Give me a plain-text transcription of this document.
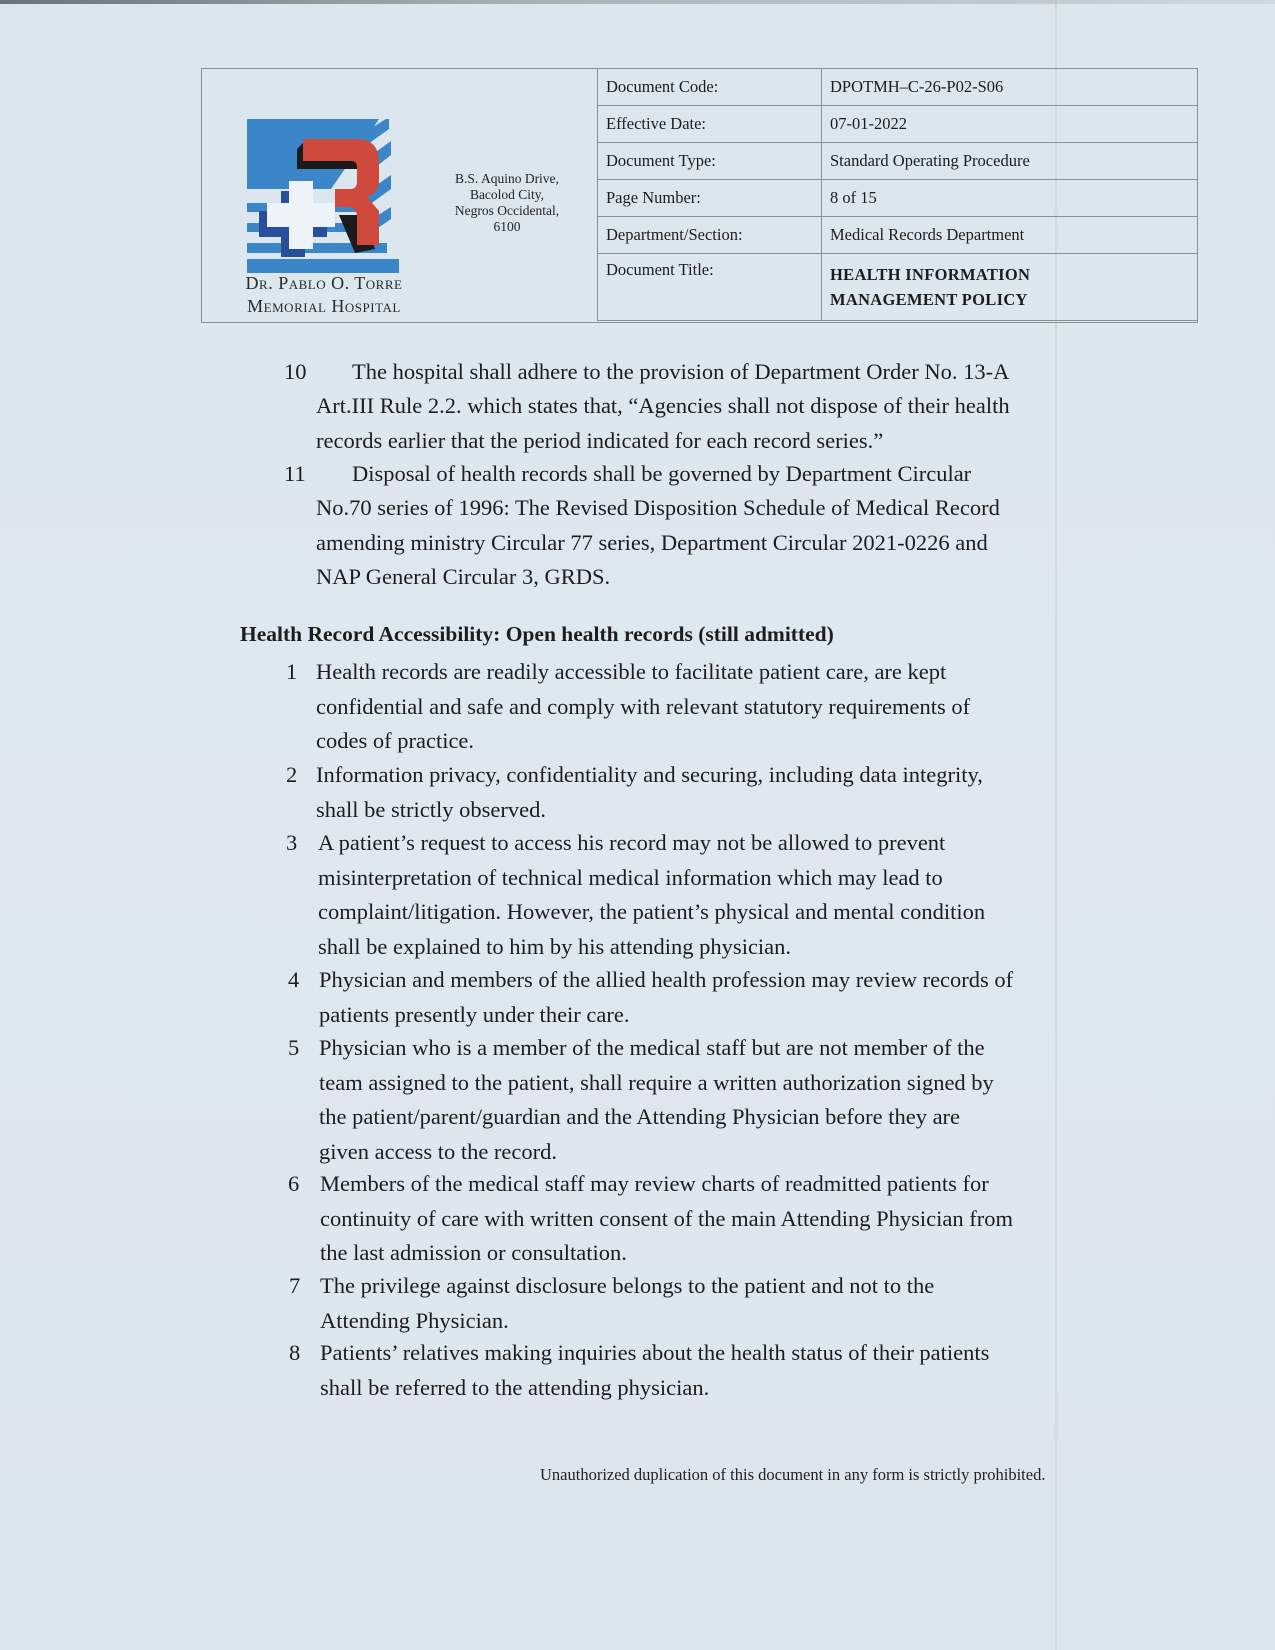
Dr. Pablo O. Torre
Memorial Hospital
B.S. Aquino Drive,
Bacolod City,
Negros Occidental,
6100
Document Code:	DPOTMH–C-26-P02-S06
Effective Date:	07-01-2022
Document Type:	Standard Operating Procedure
Page Number:	8 of 15
Department/Section:	Medical Records Department
Document Title:	HEALTH INFORMATION
MANAGEMENT POLICY
10 The hospital shall adhere to the provision of Department Order No. 13-A
Art.III Rule 2.2. which states that, “Agencies shall not dispose of their health
records earlier that the period indicated for each record series.”
11 Disposal of health records shall be governed by Department Circular
No.70 series of 1996: The Revised Disposition Schedule of Medical Record
amending ministry Circular 77 series, Department Circular 2021-0226 and
NAP General Circular 3, GRDS.
Health Record Accessibility: Open health records (still admitted)
1 Health records are readily accessible to facilitate patient care, are kept
confidential and safe and comply with relevant statutory requirements of
codes of practice.
2 Information privacy, confidentiality and securing, including data integrity,
shall be strictly observed.
3 A patient’s request to access his record may not be allowed to prevent
misinterpretation of technical medical information which may lead to
complaint/litigation. However, the patient’s physical and mental condition
shall be explained to him by his attending physician.
4 Physician and members of the allied health profession may review records of
patients presently under their care.
5 Physician who is a member of the medical staff but are not member of the
team assigned to the patient, shall require a written authorization signed by
the patient/parent/guardian and the Attending Physician before they are
given access to the record.
6 Members of the medical staff may review charts of readmitted patients for
continuity of care with written consent of the main Attending Physician from
the last admission or consultation.
7 The privilege against disclosure belongs to the patient and not to the
Attending Physician.
8 Patients’ relatives making inquiries about the health status of their patients
shall be referred to the attending physician.
Unauthorized duplication of this document in any form is strictly prohibited.
